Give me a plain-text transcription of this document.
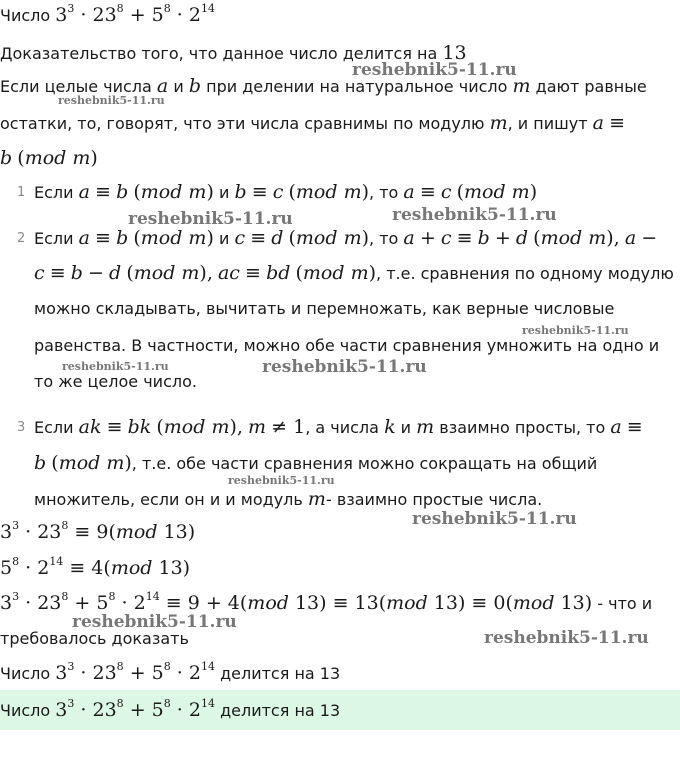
Число $3^3 \cdot 23^8 + 5^8 \cdot 2^{14}$
Доказательство того, что данное число делится на 13
Если целые числа a и b при делении на натуральное число m дают равные
остатки, то, говорят, что эти числа сравнимы по модулю m, и пишут a ≡
b (mod m)
1 Если a ≡ b (mod m) и b ≡ c (mod m), то a ≡ c (mod m)
2 Если a ≡ b (mod m) и c ≡ d (mod m), то a + c ≡ b + d (mod m), a −
c ≡ b − d (mod m), ac ≡ bd (mod m), т.е. сравнения по одному модулю
можно складывать, вычитать и перемножать, как верные числовые
равенства. В частности, можно обе части сравнения умножить на одно и
то же целое число.
3 Если ak ≡ bk (mod m), m ≠ 1, а числа k и m взаимно просты, то a ≡
b (mod m), т.е. обе части сравнения можно сокращать на общий
множитель, если он и и модуль m- взаимно простые числа.
$3^3 \cdot 23^8 \equiv 9(mod$ 13)
$5^8 \cdot 2^{14} \equiv 4(mod$ 13)
$3^3 \cdot 23^8 + 5^8 \cdot 2^{14} \equiv 9 + 4(mod$ 13) ≡ 13(mod 13) ≡ 0(mod 13) - что и
требовалось доказать
Число $3^3 \cdot 23^8 + 5^8 \cdot 2^{14}$ делится на 13
Число $3^3 \cdot 23^8 + 5^8 \cdot 2^{14}$ делится на 13
reshebnik5-11.ru
reshebnik5-11.ru
reshebnik5-11.ru	reshebnik5-11.ru
reshebnik5-11.ru
reshebnik5-11.ru	reshebnik5-11.ru
reshebnik5-11.ru
reshebnik5-11.ru
reshebnik5-11.ru
reshebnik5-11.ru
